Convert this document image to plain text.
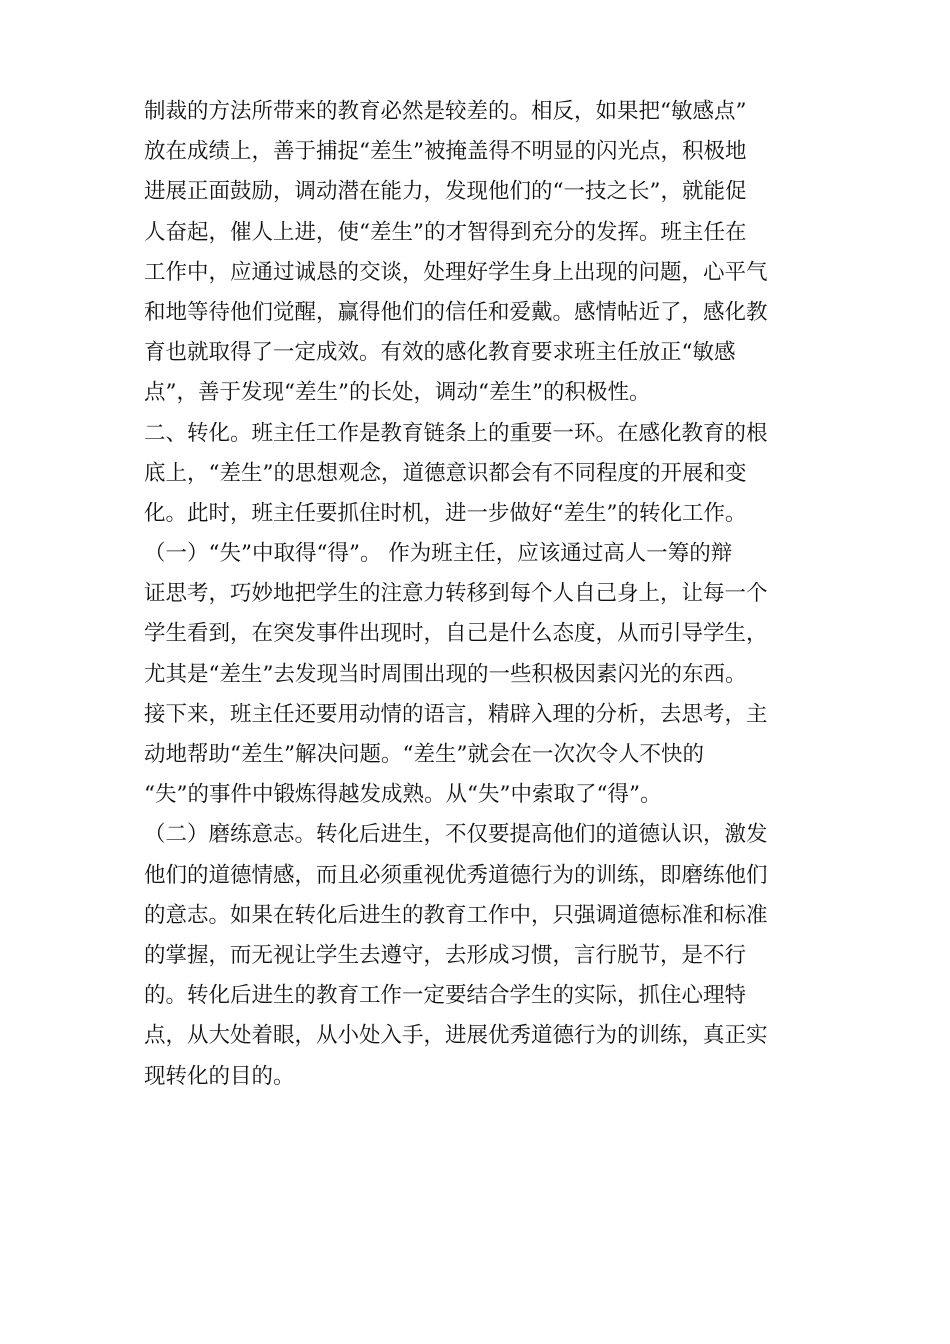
制裁的方法所带来的教育必然是较差的。相反，如果把“敏感点”
放在成绩上，善于捕捉“差生”被掩盖得不明显的闪光点，积极地
进展正面鼓励，调动潜在能力，发现他们的“一技之长”，就能促
人奋起，催人上进，使“差生”的才智得到充分的发挥。班主任在
工作中，应通过诚恳的交谈，处理好学生身上出现的问题，心平气
和地等待他们觉醒，赢得他们的信任和爱戴。感情帖近了，感化教
育也就取得了一定成效。有效的感化教育要求班主任放正“敏感
点”，善于发现“差生”的长处，调动“差生”的积极性。
二、转化。班主任工作是教育链条上的重要一环。在感化教育的根
底上，“差生”的思想观念，道德意识都会有不同程度的开展和变
化。此时，班主任要抓住时机，进一步做好“差生”的转化工作。
（一）“失”中取得“得”。 作为班主任，应该通过高人一筹的辩
证思考，巧妙地把学生的注意力转移到每个人自己身上，让每一个
学生看到，在突发事件出现时，自己是什么态度，从而引导学生，
尤其是“差生”去发现当时周围出现的一些积极因素闪光的东西。
接下来，班主任还要用动情的语言，精辟入理的分析，去思考，主
动地帮助“差生”解决问题。“差生”就会在一次次令人不快的
“失”的事件中锻炼得越发成熟。从“失”中索取了“得”。
（二）磨练意志。转化后进生，不仅要提高他们的道德认识，激发
他们的道德情感，而且必须重视优秀道德行为的训练，即磨练他们
的意志。如果在转化后进生的教育工作中，只强调道德标准和标准
的掌握，而无视让学生去遵守，去形成习惯，言行脱节，是不行
的。转化后进生的教育工作一定要结合学生的实际，抓住心理特
点，从大处着眼，从小处入手，进展优秀道德行为的训练，真正实
现转化的目的。
